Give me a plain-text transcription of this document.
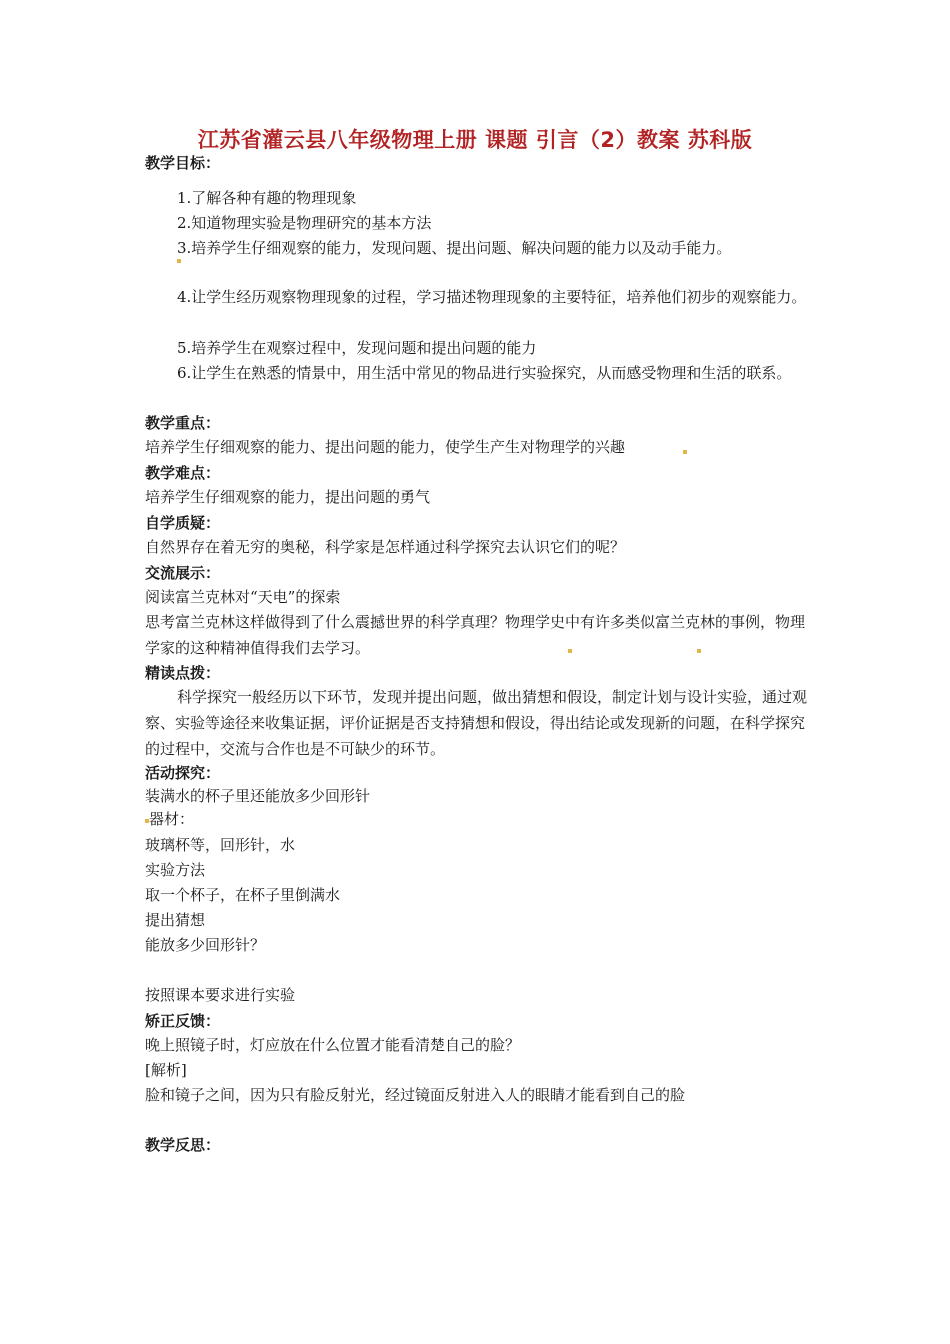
江苏省灌云县八年级物理上册 课题 引言（2）教案 苏科版
教学目标：
1.了解各种有趣的物理现象
2.知道物理实验是物理研究的基本方法
3.培养学生仔细观察的能力，发现问题、提出问题、解决问题的能力以及动手能力。
4.让学生经历观察物理现象的过程，学习描述物理现象的主要特征，培养他们初步的观察能力。
5.培养学生在观察过程中，发现问题和提出问题的能力
6.让学生在熟悉的情景中，用生活中常见的物品进行实验探究，从而感受物理和生活的联系。
教学重点：
培养学生仔细观察的能力、提出问题的能力，使学生产生对物理学的兴趣
教学难点：
培养学生仔细观察的能力，提出问题的勇气
自学质疑：
自然界存在着无穷的奥秘，科学家是怎样通过科学探究去认识它们的呢？
交流展示：
阅读富兰克林对“天电”的探索
思考富兰克林这样做得到了什么震撼世界的科学真理？物理学史中有许多类似富兰克林的事例，物理学家的这种精神值得我们去学习。
精读点拨：
科学探究一般经历以下环节，发现并提出问题，做出猜想和假设，制定计划与设计实验，通过观察、实验等途径来收集证据，评价证据是否支持猜想和假设，得出结论或发现新的问题，在科学探究的过程中，交流与合作也是不可缺少的环节。
活动探究：
装满水的杯子里还能放多少回形针
器材：
玻璃杯等，回形针，水
实验方法
取一个杯子，在杯子里倒满水
提出猜想
能放多少回形针？
按照课本要求进行实验
矫正反馈：
晚上照镜子时，灯应放在什么位置才能看清楚自己的脸？
[解析]
脸和镜子之间，因为只有脸反射光，经过镜面反射进入人的眼睛才能看到自己的脸
教学反思：
